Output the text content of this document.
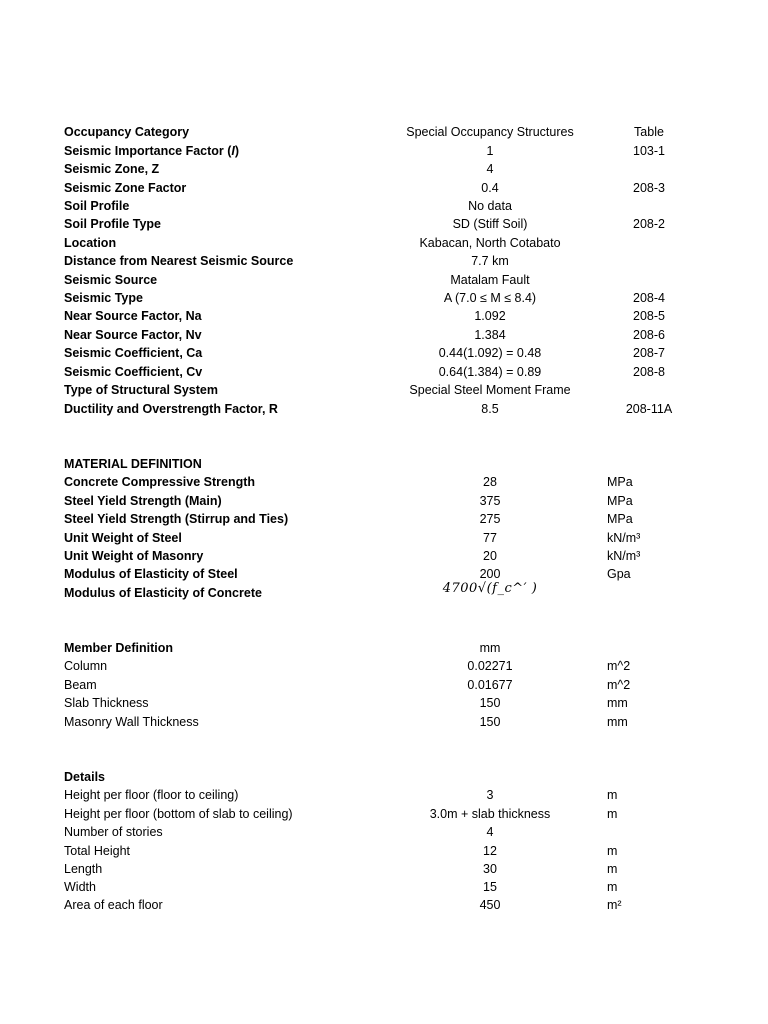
Occupancy Category	Special Occupancy Structures	Table
Seismic Importance Factor (I)	1	103-1
Seismic Zone, Z	4
Seismic Zone Factor	0.4	208-3
Soil Profile	No data
Soil Profile Type	SD (Stiff Soil)	208-2
Location	Kabacan, North Cotabato
Distance from Nearest Seismic Source	7.7 km
Seismic Source	Matalam Fault
Seismic Type	A (7.0 ≤ M ≤ 8.4)	208-4
Near Source Factor, Na	1.092	208-5
Near Source Factor, Nv	1.384	208-6
Seismic Coefficient, Ca	0.44(1.092) = 0.48	208-7
Seismic Coefficient, Cv	0.64(1.384) = 0.89	208-8
Type of Structural System	Special Steel Moment Frame
Ductility and Overstrength Factor, R	8.5	208-11A
MATERIAL DEFINITION
Concrete Compressive Strength	28	MPa
Steel Yield Strength (Main)	375	MPa
Steel Yield Strength (Stirrup and Ties)	275	MPa
Unit Weight of Steel	77	kN/m³
Unit Weight of Masonry	20	kN/m³
Modulus of Elasticity of Steel	200	Gpa
Modulus of Elasticity of Concrete	4700√(f_c^′ )
Member Definition	mm
Column	0.02271	m^2
Beam	0.01677	m^2
Slab Thickness	150	mm
Masonry Wall Thickness	150	mm
Details
Height per floor (floor to ceiling)	3	m
Height per floor (bottom of slab to ceiling)	3.0m + slab thickness	m
Number of stories	4
Total Height	12	m
Length	30	m
Width	15	m
Area of each floor	450	m²
